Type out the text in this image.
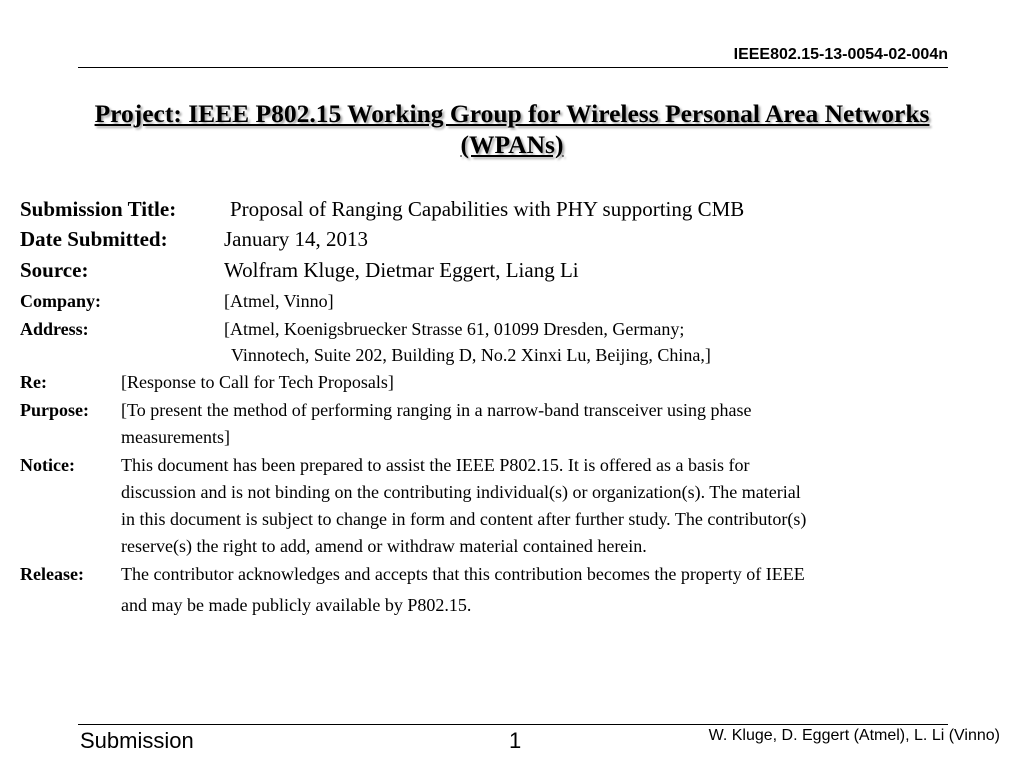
IEEE802.15-13-0054-02-004n
Project: IEEE P802.15 Working Group for Wireless Personal Area Networks
(WPANs)
Submission Title:	Proposal of Ranging Capabilities with PHY supporting CMB
Date Submitted:	January 14, 2013
Source:	Wolfram Kluge, Dietmar Eggert, Liang Li
Company:	[Atmel, Vinno]
Address:	[Atmel, Koenigsbruecker Strasse 61, 01099 Dresden, Germany;
Vinnotech, Suite 202, Building D, No.2 Xinxi Lu, Beijing, China,]
Re:	[Response to Call for Tech Proposals]
Purpose: [To present the method of performing ranging in a narrow-band transceiver using phase
measurements]
Notice:	This document has been prepared to assist the IEEE P802.15. It is offered as a basis for
discussion and is not binding on the contributing individual(s) or organization(s). The material
in this document is subject to change in form and content after further study. The contributor(s)
reserve(s) the right to add, amend or withdraw material contained herein.
Release: The contributor acknowledges and accepts that this contribution becomes the property of IEEE
and may be made publicly available by P802.15.
Submission	1	W. Kluge, D. Eggert (Atmel), L. Li (Vinno)
